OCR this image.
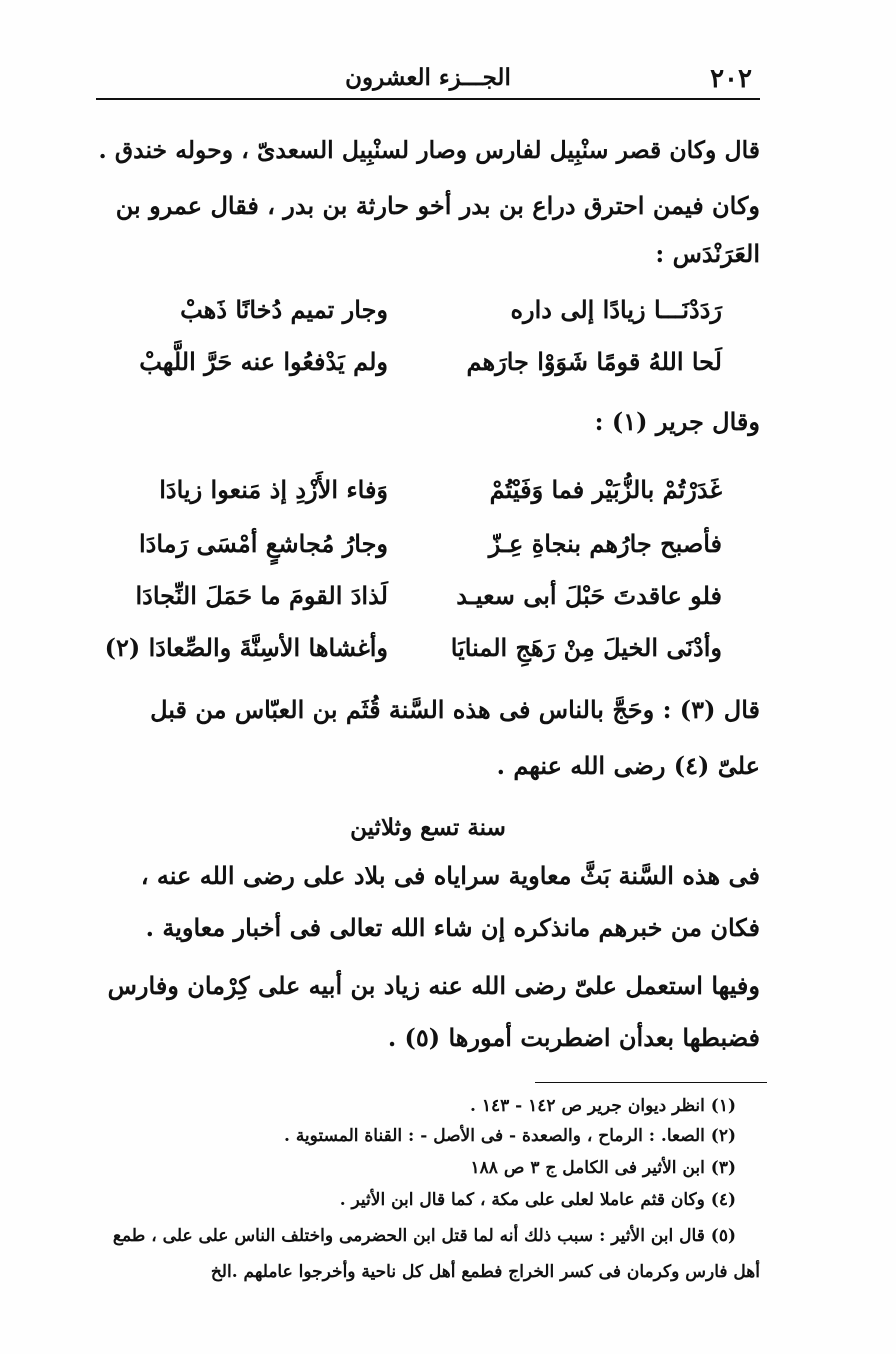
٢٠٢
الجـــزء العشرون
قال وكان قصر سنْبِيل لفارس وصار لسنْبِيل السعدىّ ، وحوله خندق .
وكان فيمن احترق دراع بن بدر أخو حارثة بن بدر ، فقال عمرو بن
العَرَنْدَس :
رَدَدْنَـــا زيادًا إلى داره
وجار تميم دُخانًا ذَهبْ
لَحا اللهُ قومًا شَوَوْا جارَهم
ولم يَدْفعُوا عنه حَرَّ اللَّهبْ
وقال جرير (١) :
غَدَرْتُمْ بالزُّبَيْر فما وَفَيْتُمْ
وَفاء الأَزْدِ إذ مَنعوا زيادَا
فأصبح جارُهم بنجاةِ عِـزّ
وجارُ مُجاشعٍ أمْسَى رَمادَا
فلو عاقدتَ حَبْلَ أبى سعيـد
لَذادَ القومَ ما حَمَلَ النِّجادَا
وأدْنَى الخيلَ مِنْ رَهَجِ المنايَا
وأغشاها الأسِنَّةَ والصِّعادَا (٢)
قال (٣) : وحَجَّ بالناس فى هذه السَّنة قُثَم بن العبّاس من قبل
علىّ (٤) رضى الله عنهم .
سنة تسع وثلاثين
فى هذه السَّنة بَثَّ معاوية سراياه فى بلاد على رضى الله عنه ،
فكان من خبرهم مانذكره إن شاء الله تعالى فى أخبار معاوية .
وفيها استعمل علىّ رضى الله عنه زياد بن أبيه على كِرْمان وفارس
فضبطها بعدأن اضطربت أمورها (٥) .
(١) انظر ديوان جرير ص ١٤٢ - ١٤٣ .
(٢) الصعا. : الرماح ، والصعدة - فى الأصل - : القناة المستوية .
(٣) ابن الأثير فى الكامل ج ٣ ص ١٨٨
(٤) وكان قثم عاملا لعلى على مكة ، كما قال ابن الأثير .
(٥) قال ابن الأثير : سبب ذلك أنه لما قتل ابن الحضرمى واختلف الناس على على ، طمع
أهل فارس وكرمان فى كسر الخراج فطمع أهل كل ناحية وأخرجوا عاملهم .الخ
